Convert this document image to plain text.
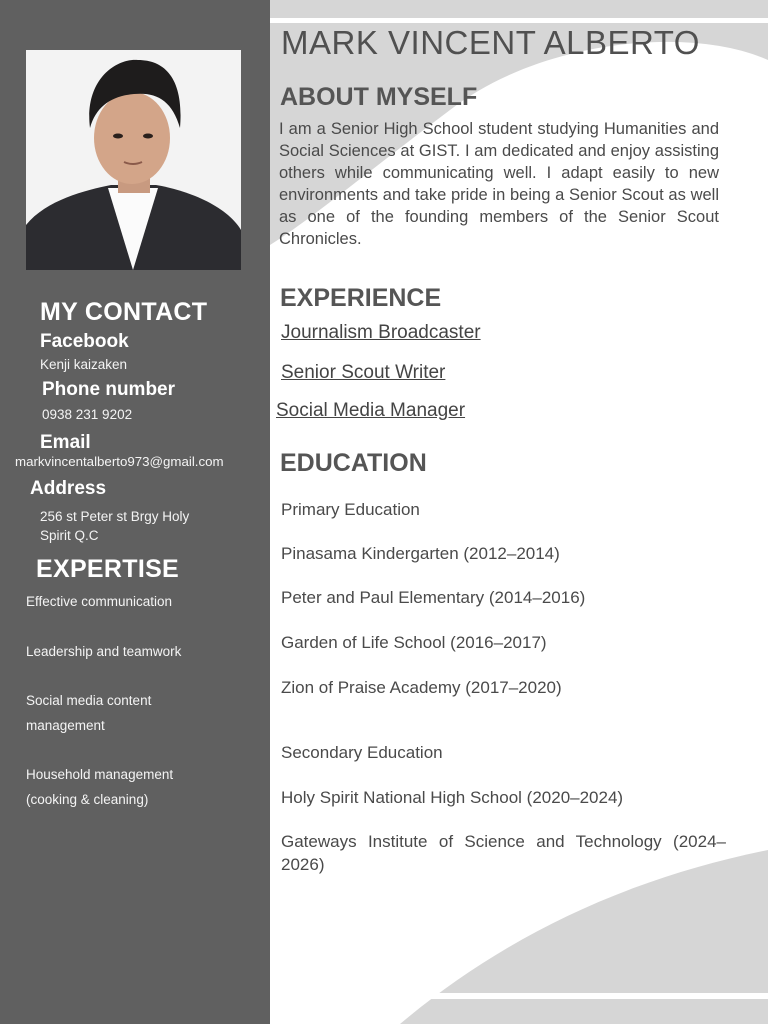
MY CONTACT
Facebook
Kenji kaizaken
Phone number
0938 231 9202
Email
markvincentalberto973@gmail.com
Address
256 st Peter st Brgy Holy
Spirit Q.C
EXPERTISE
Effective communication
Leadership and teamwork
Social media content management
Household management (cooking & cleaning)
MARK VINCENT ALBERTO
ABOUT MYSELF

I am a Senior High School student studying Humanities and Social Sciences at GIST. I am dedicated and enjoy assisting others while communicating well. I adapt easily to new environments and take pride in being a Senior Scout as well as one of the founding members of the Senior Scout Chronicles.

EXPERIENCE
Journalism Broadcaster
Senior Scout Writer
Social Media Manager
EDUCATION
Primary Education
Pinasama Kindergarten (2012–2014)
Peter and Paul Elementary (2014–2016)
Garden of Life School (2016–2017)
Zion of Praise Academy (2017–2020)
Secondary Education
Holy Spirit National High School (2020–2024)

Gateways Institute of Science and Technology (2024–2026)
